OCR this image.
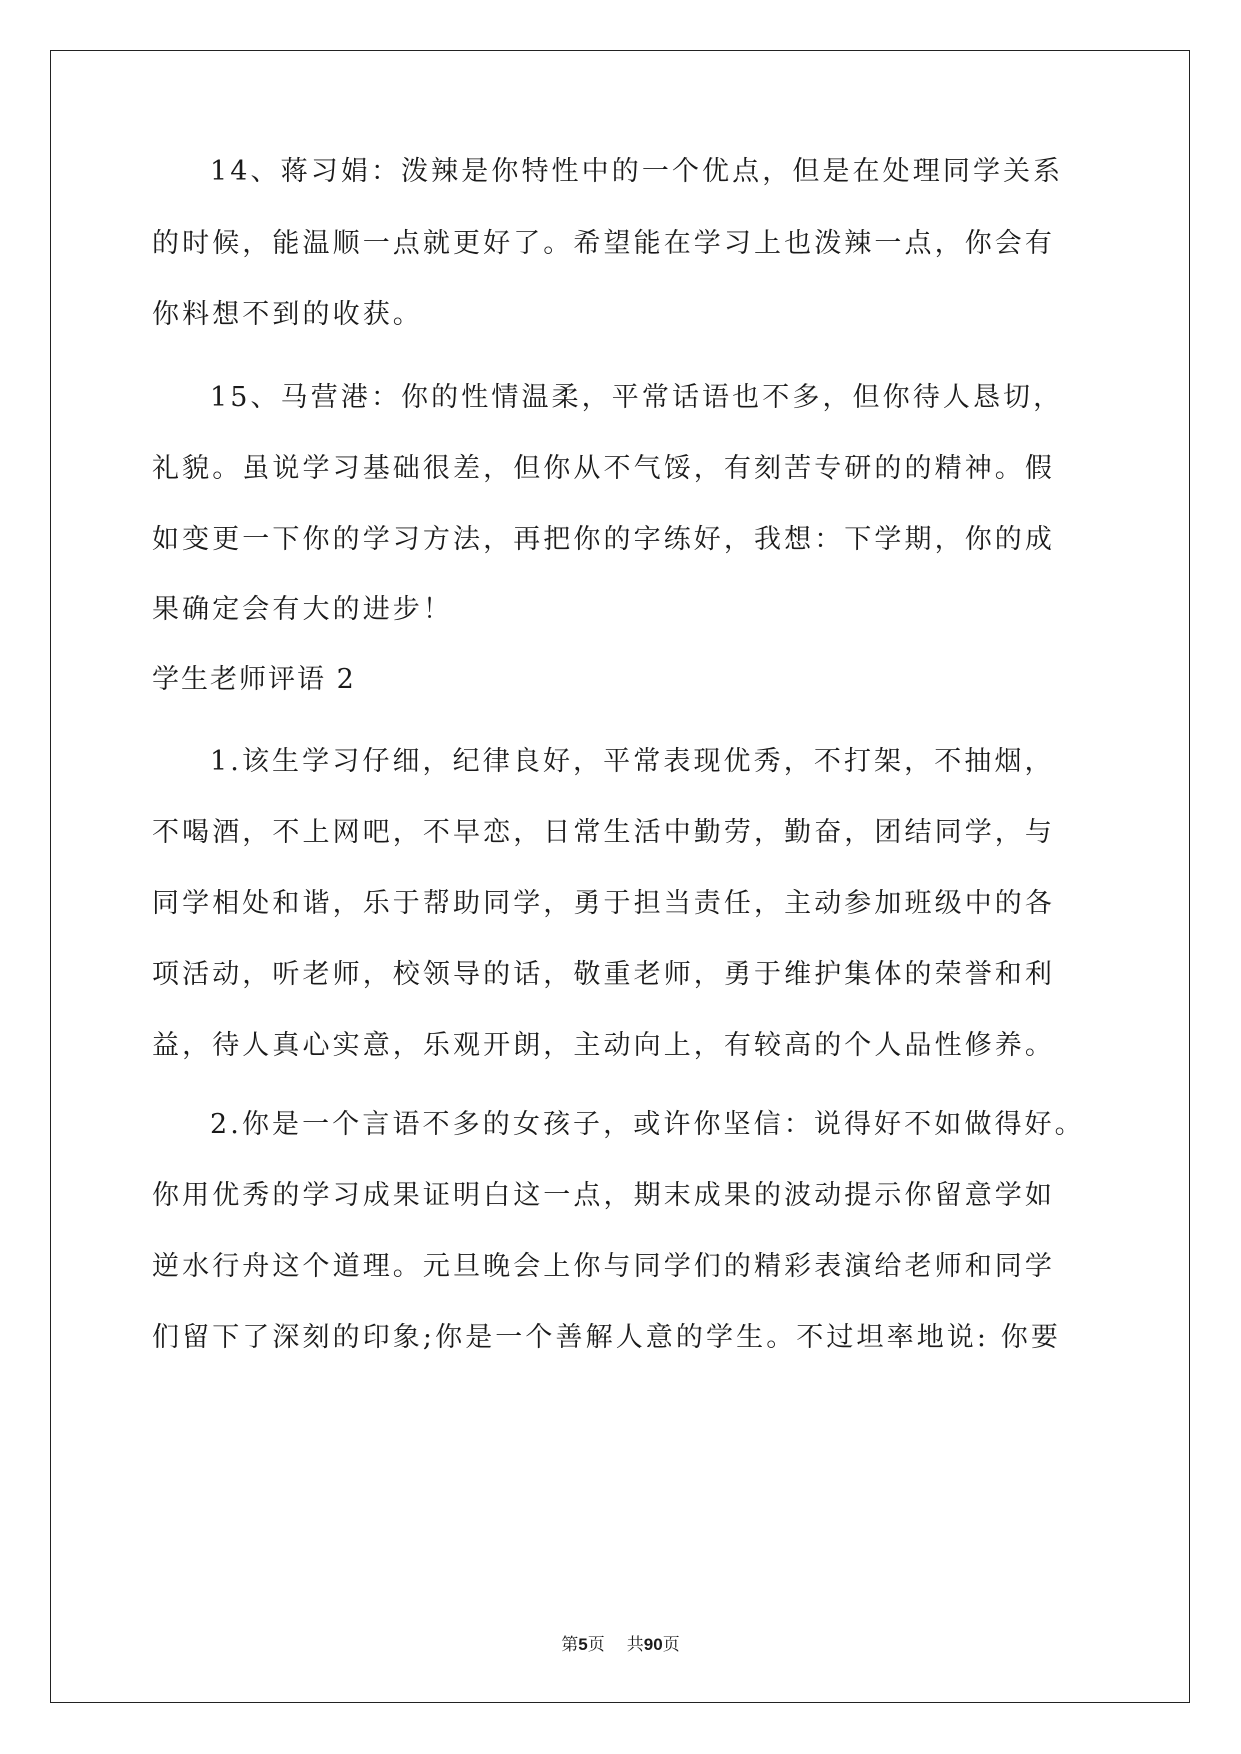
14、蒋习娟：泼辣是你特性中的一个优点，但是在处理同学关系
的时候，能温顺一点就更好了。希望能在学习上也泼辣一点，你会有
你料想不到的收获。
15、马营港：你的性情温柔，平常话语也不多，但你待人恳切，
礼貌。虽说学习基础很差，但你从不气馁，有刻苦专研的的精神。假
如变更一下你的学习方法，再把你的字练好，我想：下学期，你的成
果确定会有大的进步！
学生老师评语 2
1.该生学习仔细，纪律良好，平常表现优秀，不打架，不抽烟，
不喝酒，不上网吧，不早恋，日常生活中勤劳，勤奋，团结同学，与
同学相处和谐，乐于帮助同学，勇于担当责任，主动参加班级中的各
项活动，听老师，校领导的话，敬重老师，勇于维护集体的荣誉和利
益，待人真心实意，乐观开朗，主动向上，有较高的个人品性修养。
2.你是一个言语不多的女孩子，或许你坚信：说得好不如做得好。
你用优秀的学习成果证明白这一点，期末成果的波动提示你留意学如
逆水行舟这个道理。元旦晚会上你与同学们的精彩表演给老师和同学
们留下了深刻的印象;你是一个善解人意的学生。不过坦率地说: 你要
第5页 共90页
